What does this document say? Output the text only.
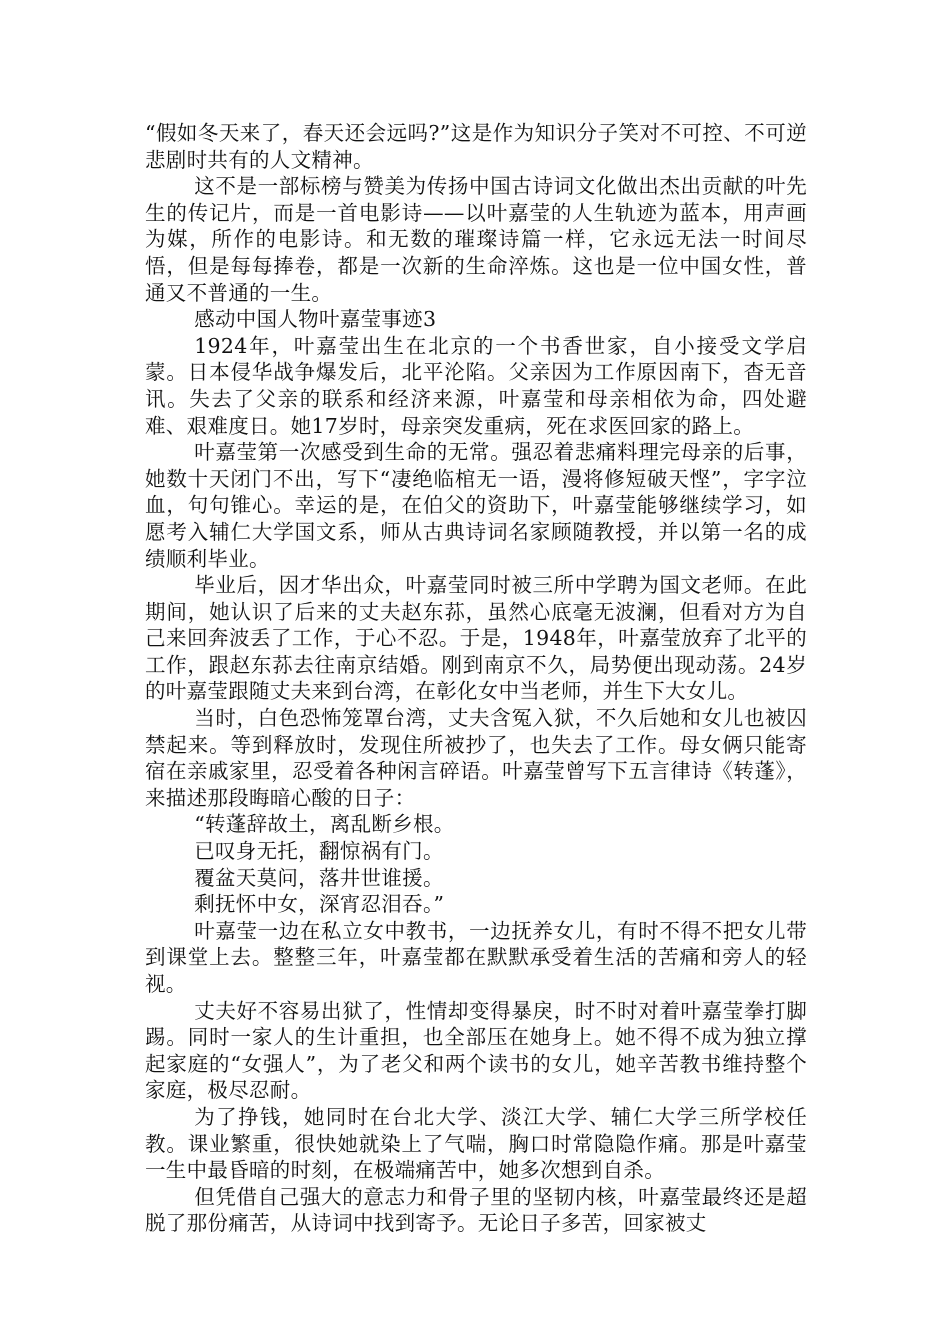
“假如冬天来了，春天还会远吗?”这是作为知识分子笑对不可控、不可逆悲剧时共有的人文精神。

这不是一部标榜与赞美为传扬中国古诗词文化做出杰出贡献的叶先生的传记片，而是一首电影诗——以叶嘉莹的人生轨迹为蓝本，用声画为媒，所作的电影诗。和无数的璀璨诗篇一样，它永远无法一时间尽悟，但是每每捧卷，都是一次新的生命淬炼。这也是一位中国女性，普通又不普通的一生。

感动中国人物叶嘉莹事迹3

1924年，叶嘉莹出生在北京的一个书香世家，自小接受文学启蒙。日本侵华战争爆发后，北平沦陷。父亲因为工作原因南下，杳无音讯。失去了父亲的联系和经济来源，叶嘉莹和母亲相依为命，四处避难、艰难度日。她17岁时，母亲突发重病，死在求医回家的路上。

叶嘉莹第一次感受到生命的无常。强忍着悲痛料理完母亲的后事，她数十天闭门不出，写下“凄绝临棺无一语，漫将修短破天悭”，字字泣血，句句锥心。幸运的是，在伯父的资助下，叶嘉莹能够继续学习，如愿考入辅仁大学国文系，师从古典诗词名家顾随教授，并以第一名的成绩顺利毕业。

毕业后，因才华出众，叶嘉莹同时被三所中学聘为国文老师。在此期间，她认识了后来的丈夫赵东荪，虽然心底毫无波澜，但看对方为自己来回奔波丢了工作，于心不忍。于是，1948年，叶嘉莹放弃了北平的工作，跟赵东荪去往南京结婚。刚到南京不久，局势便出现动荡。24岁的叶嘉莹跟随丈夫来到台湾，在彰化女中当老师，并生下大女儿。

当时，白色恐怖笼罩台湾，丈夫含冤入狱，不久后她和女儿也被囚禁起来。等到释放时，发现住所被抄了，也失去了工作。母女俩只能寄宿在亲戚家里，忍受着各种闲言碎语。叶嘉莹曾写下五言律诗《转蓬》，来描述那段晦暗心酸的日子：

“转蓬辞故土，离乱断乡根。

已叹身无托，翻惊祸有门。

覆盆天莫问，落井世谁援。

剩抚怀中女，深宵忍泪吞。”

叶嘉莹一边在私立女中教书，一边抚养女儿，有时不得不把女儿带到课堂上去。整整三年，叶嘉莹都在默默承受着生活的苦痛和旁人的轻视。

丈夫好不容易出狱了，性情却变得暴戾，时不时对着叶嘉莹拳打脚踢。同时一家人的生计重担，也全部压在她身上。她不得不成为独立撑起家庭的“女强人”，为了老父和两个读书的女儿，她辛苦教书维持整个家庭，极尽忍耐。

为了挣钱，她同时在台北大学、淡江大学、辅仁大学三所学校任教。课业繁重，很快她就染上了气喘，胸口时常隐隐作痛。那是叶嘉莹一生中最昏暗的时刻，在极端痛苦中，她多次想到自杀。

但凭借自己强大的意志力和骨子里的坚韧内核，叶嘉莹最终还是超脱了那份痛苦，从诗词中找到寄予。无论日子多苦，回家被丈
